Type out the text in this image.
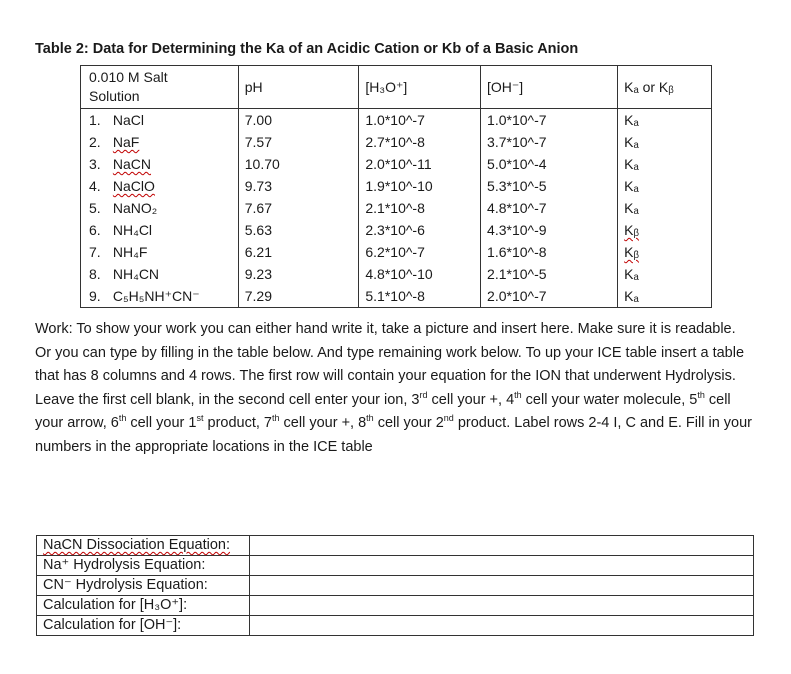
Table 2: Data for Determining the Ka of an Acidic Cation or Kb of a Basic Anion
0.010 M Salt
Solution	pH	[H₃O⁺]	[OH⁻]	Kₐ or Kᵦ
1. NaCl	7.00	1.0*10^-7	1.0*10^-7	Kₐ
2. NaF	7.57	2.7*10^-8	3.7*10^-7	Kₐ
3. NaCN	10.70	2.0*10^-11	5.0*10^-4	Kₐ
4. NaClO	9.73	1.9*10^-10	5.3*10^-5	Kₐ
5. NaNO₂	7.67	2.1*10^-8	4.8*10^-7	Kₐ
6. NH₄Cl	5.63	2.3*10^-6	4.3*10^-9	Kᵦ
7. NH₄F	6.21	6.2*10^-7	1.6*10^-8	Kᵦ
8. NH₄CN	9.23	4.8*10^-10	2.1*10^-5	Kₐ
9. C₅H₅NH⁺CN⁻	7.29	5.1*10^-8	2.0*10^-7	Kₐ
Work: To show your work you can either hand write it, take a picture and insert here. Make sure it is readable. Or you can type by filling in the table below. And type remaining work below. To up your ICE table insert a table that has 8 columns and 4 rows. The first row will contain your equation for the ION that underwent Hydrolysis. Leave the first cell blank, in the second cell enter your ion, 3rd cell your +, 4th cell your water molecule, 5th cell your arrow, 6th cell your 1st product, 7th cell your +, 8th cell your 2nd product. Label rows 2-4 I, C and E. Fill in your numbers in the appropriate locations in the ICE table
NaCN Dissociation Equation:	
Na⁺ Hydrolysis Equation:	
CN⁻ Hydrolysis Equation:	
Calculation for [H₃O⁺]:	
Calculation for [OH⁻]:	
